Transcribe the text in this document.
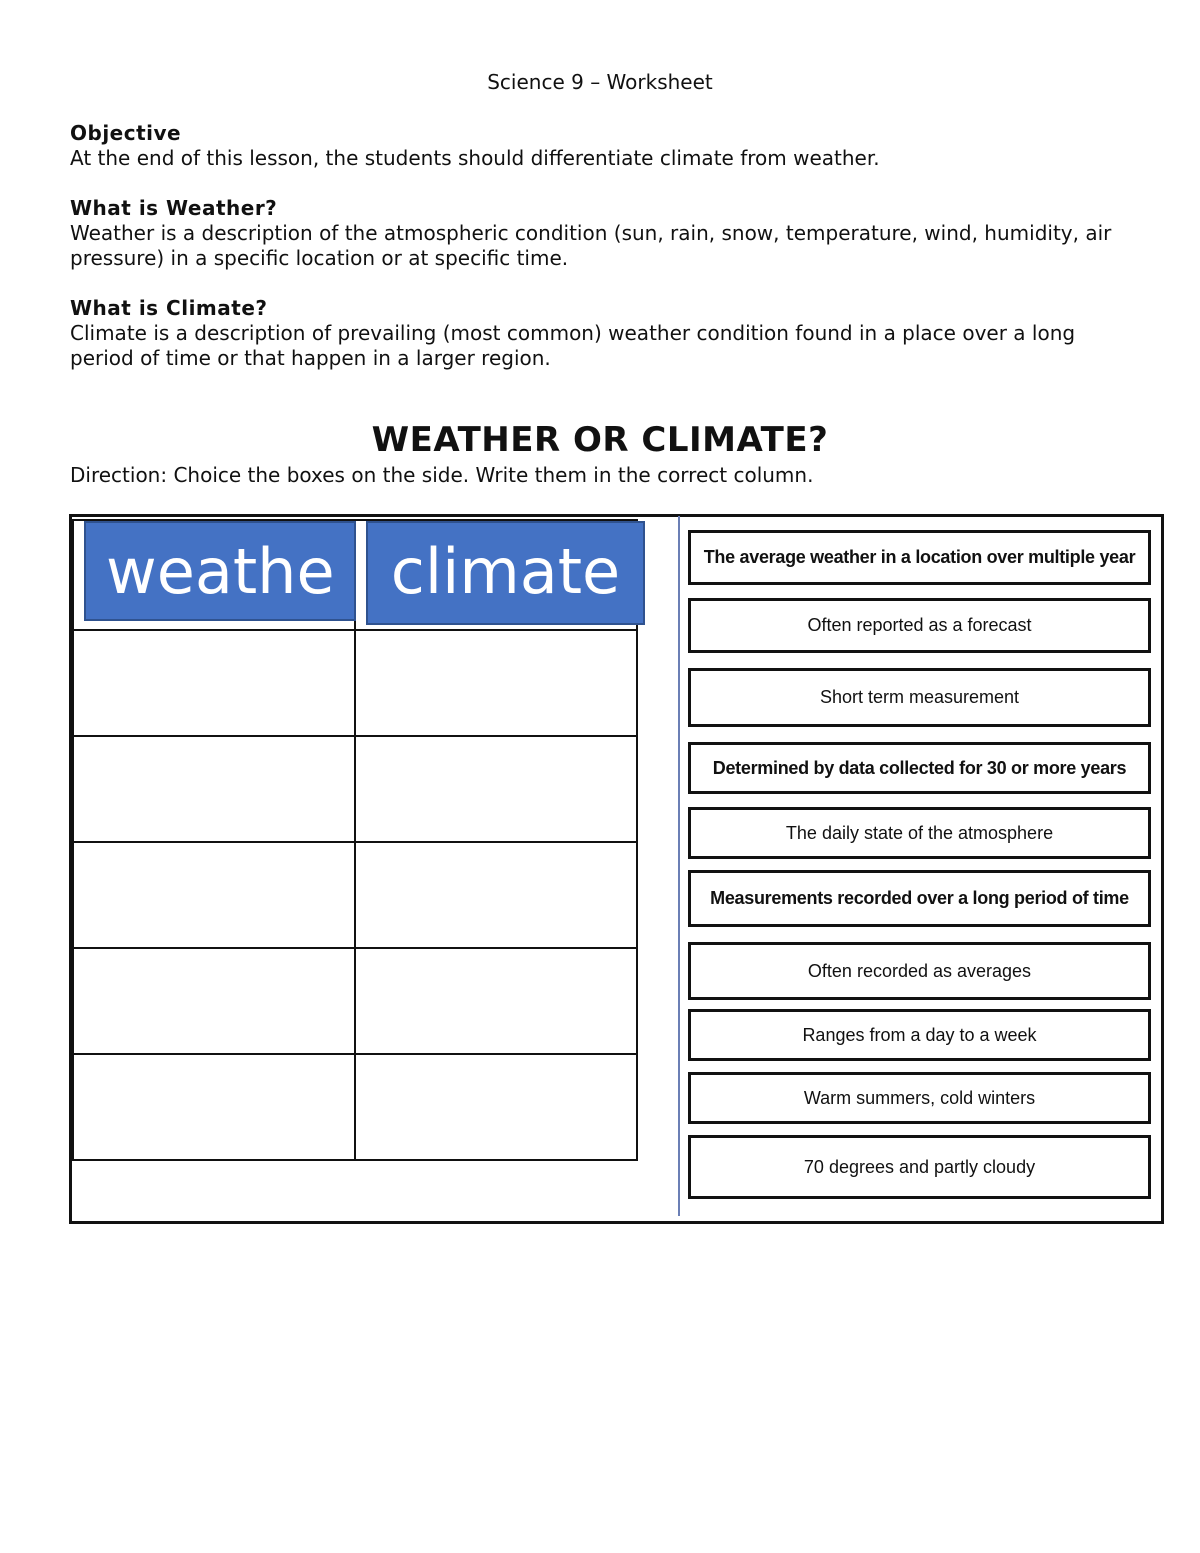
Science 9 – Worksheet
Objective

At the end of this lesson, the students should differentiate climate from weather.

What is Weather?

Weather is a description of the atmospheric condition (sun, rain, snow, temperature, wind, humidity, air pressure) in a specific location or at specific time.

What is Climate?

Climate is a description of prevailing (most common) weather condition found in a place over a long period of time or that happen in a larger region.

WEATHER OR CLIMATE?
Direction: Choice the boxes on the side. Write them in the correct column.

weathe climate	The average weather in a location over multiple year
Often reported as a forecast
Short term measurement
Determined by data collected for 30 or more years
The daily state of the atmosphere
Measurements recorded over a long period of time
Often recorded as averages
Ranges from a day to a week
Warm summers, cold winters
70 degrees and partly cloudy
